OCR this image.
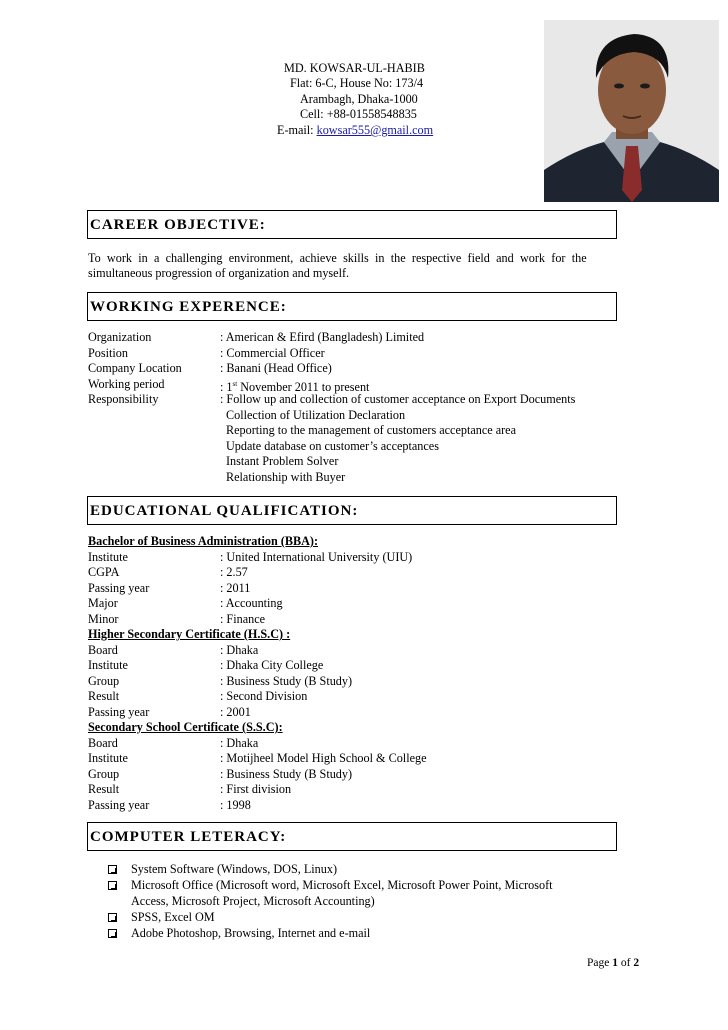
MD. KOWSAR-UL-HABIB
Flat: 6-C, House No: 173/4
Arambagh, Dhaka-1000
Cell: +88-01558548835
E-mail: kowsar555@gmail.com
CAREER OBJECTIVE:
To work in a challenging environment, achieve skills in the respective field and work for the
simultaneous progression of organization and myself.
WORKING EXPERENCE:
Organization	: American & Efird (Bangladesh) Limited
Position	: Commercial Officer
Company Location	: Banani (Head Office)
Working period	: 1st November 2011 to present
Responsibility	: Follow up and collection of customer acceptance on Export Documents
Collection of Utilization Declaration
Reporting to the management of customers acceptance area
Update database on customer’s acceptances
Instant Problem Solver
Relationship with Buyer
EDUCATIONAL QUALIFICATION:
Bachelor of Business Administration (BBA):
Institute	: United International University (UIU)
CGPA	: 2.57
Passing year	: 2011
Major	: Accounting
Minor	: Finance
Higher Secondary Certificate (H.S.C) :
Board	: Dhaka
Institute	: Dhaka City College
Group	: Business Study (B Study)
Result	: Second Division
Passing year	: 2001
Secondary School Certificate (S.S.C):
Board	: Dhaka
Institute	: Motijheel Model High School & College
Group	: Business Study (B Study)
Result	: First division
Passing year	: 1998
COMPUTER LETERACY:
System Software (Windows, DOS, Linux)
Microsoft Office (Microsoft word, Microsoft Excel, Microsoft Power Point, Microsoft
Access, Microsoft Project, Microsoft Accounting)
SPSS, Excel OM
Adobe Photoshop, Browsing, Internet and e-mail
Page 1 of 2
